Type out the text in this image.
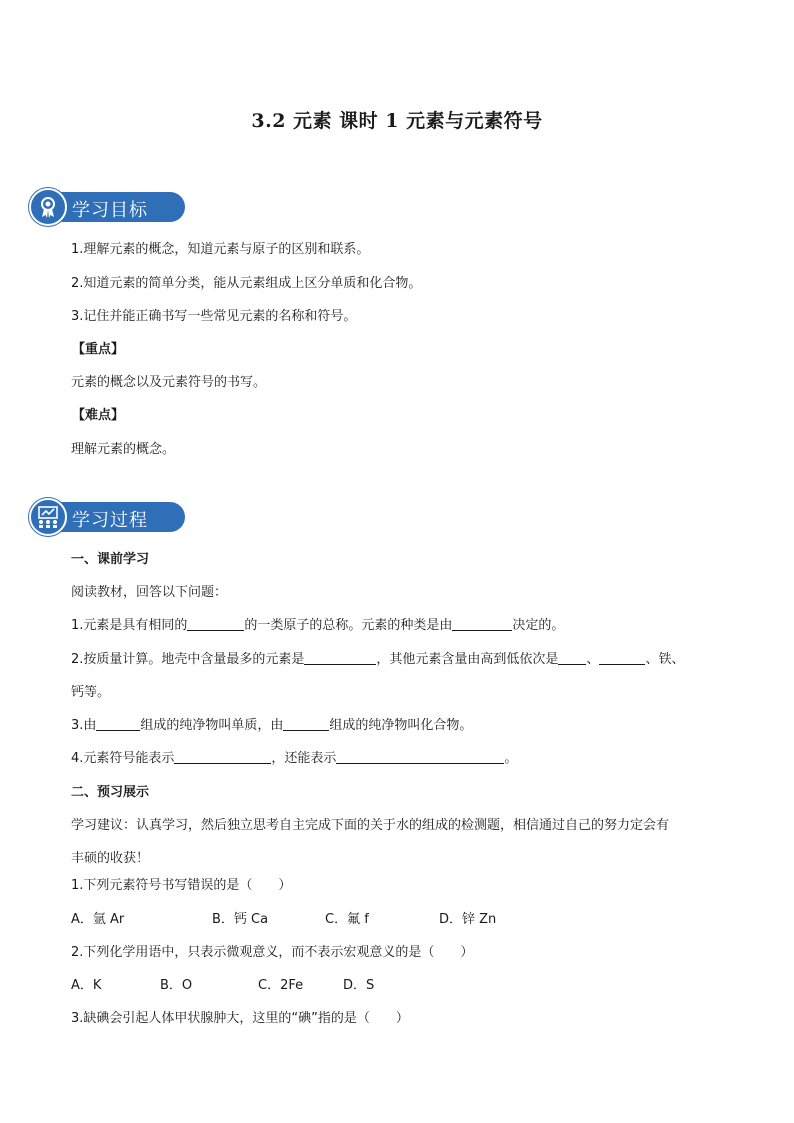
3.2 元素 课时 1 元素与元素符号
学习目标
1.理解元素的概念，知道元素与原子的区别和联系。
2.知道元素的简单分类，能从元素组成上区分单质和化合物。
3.记住并能正确书写一些常见元素的名称和符号。
【重点】
元素的概念以及元素符号的书写。
【难点】
理解元素的概念。
学习过程
一、课前学习
阅读教材，回答以下问题：
1.元素是具有相同的	的一类原子的总称。元素的种类是由	决定的。
2.按质量计算。地壳中含量最多的元素是	，其他元素含量由高到低依次是 、	、铁、
钙等。
3.由	组成的纯净物叫单质，由	组成的纯净物叫化合物。
4.元素符号能表示	，还能表示	。
二、预习展示
学习建议：认真学习，然后独立思考自主完成下面的关于水的组成的检测题，相信通过自己的努力定会有
丰硕的收获！
1.下列元素符号书写错误的是（　　）
A．氩 Ar	B．钙 Ca	C．氟 f	D．锌 Zn
2.下列化学用语中，只表示微观意义，而不表示宏观意义的是（　　）
A．K	B．O	C．2Fe	D．S
3.缺碘会引起人体甲状腺肿大，这里的“碘”指的是（　　）
